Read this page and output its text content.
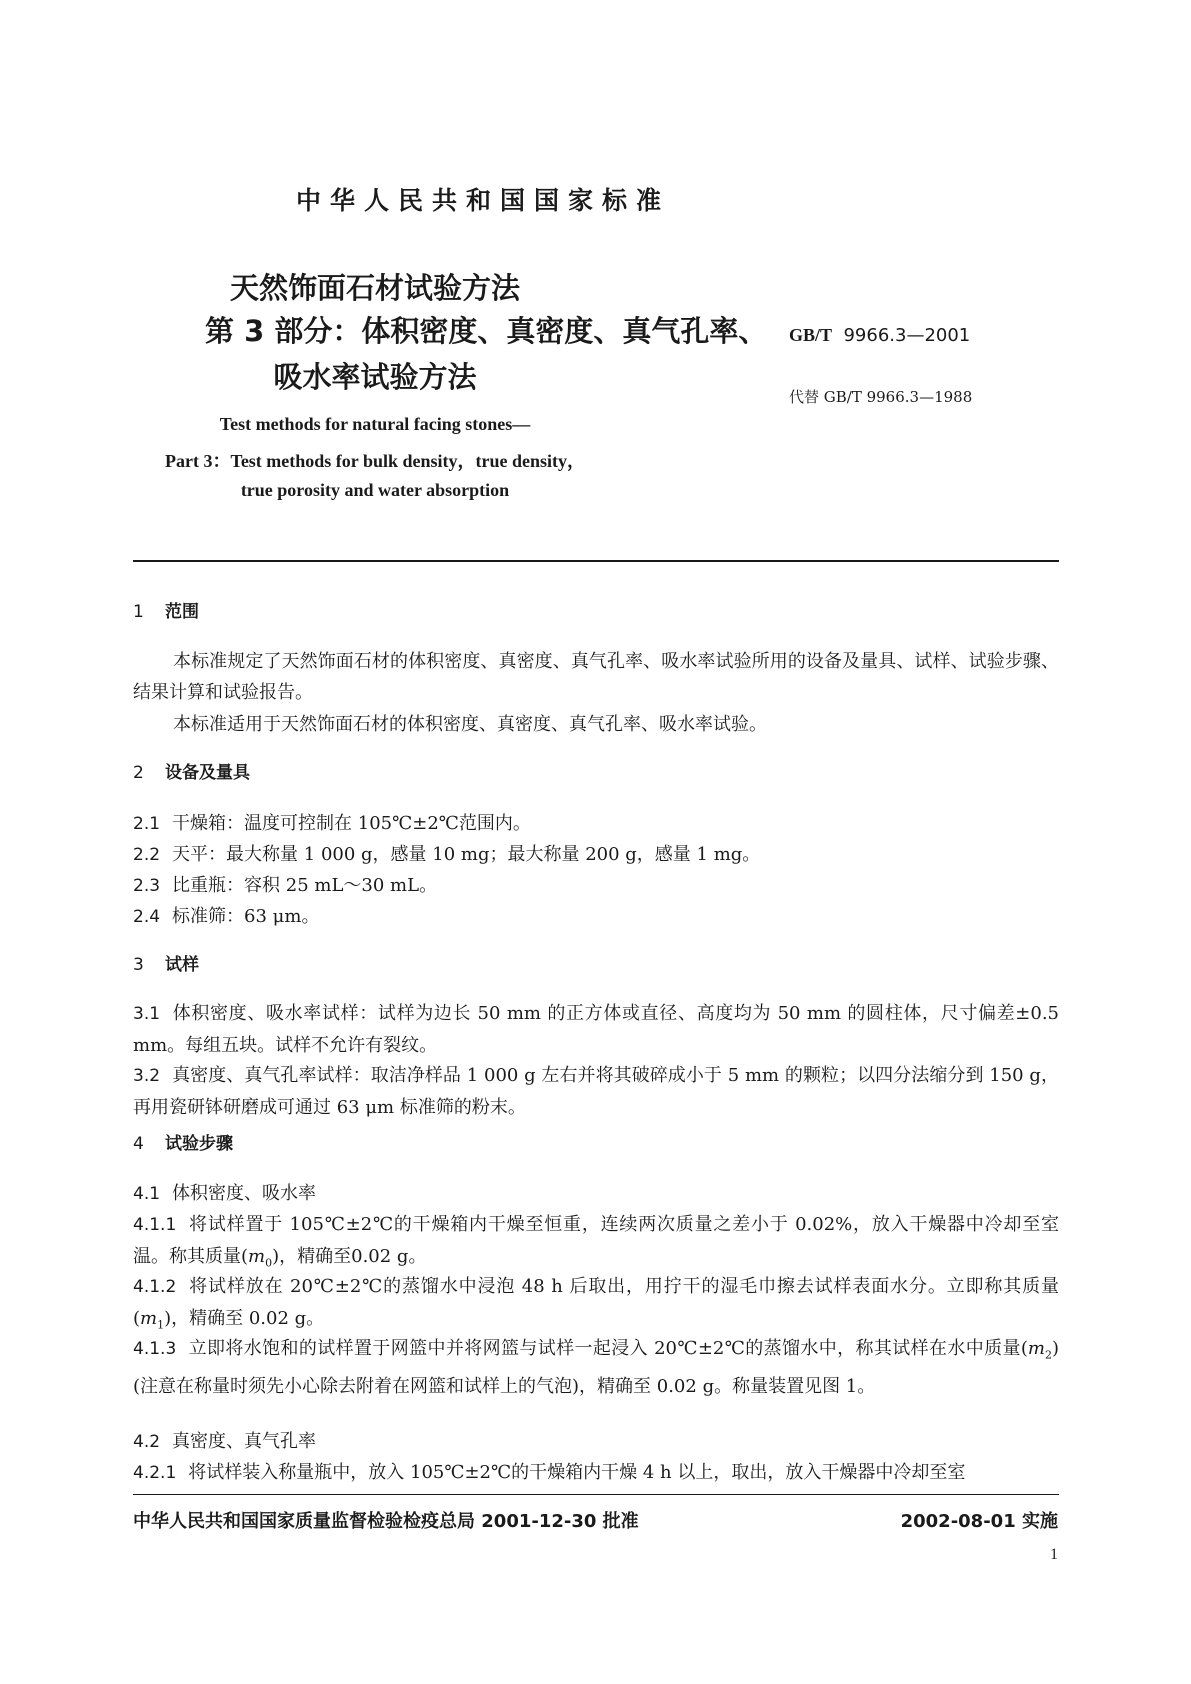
中华人民共和国国家标准
天然饰面石材试验方法
第 3 部分：体积密度、真密度、真气孔率、
吸水率试验方法
GB/T 9966.3—2001
代替 GB/T 9966.3—1988
Test methods for natural facing stones—
Part 3：Test methods for bulk density，true density，
true porosity and water absorption
1 范围
本标准规定了天然饰面石材的体积密度、真密度、真气孔率、吸水率试验所用的设备及量具、试样、试验步骤、结果计算和试验报告。
本标准适用于天然饰面石材的体积密度、真密度、真气孔率、吸水率试验。
2 设备及量具
2.1 干燥箱：温度可控制在 105℃±2℃范围内。
2.2 天平：最大称量 1 000 g，感量 10 mg；最大称量 200 g，感量 1 mg。
2.3 比重瓶：容积 25 mL～30 mL。
2.4 标准筛：63 μm。
3 试样
3.1 体积密度、吸水率试样：试样为边长 50 mm 的正方体或直径、高度均为 50 mm 的圆柱体，尺寸偏差±0.5 mm。每组五块。试样不允许有裂纹。
3.2 真密度、真气孔率试样：取洁净样品 1 000 g 左右并将其破碎成小于 5 mm 的颗粒；以四分法缩分到 150 g，再用瓷研钵研磨成可通过 63 μm 标准筛的粉末。
4 试验步骤
4.1 体积密度、吸水率
4.1.1 将试样置于 105℃±2℃的干燥箱内干燥至恒重，连续两次质量之差小于 0.02%，放入干燥器中冷却至室温。称其质量$(m_0)$，精确至0.02 g。
4.1.2 将试样放在 20℃±2℃的蒸馏水中浸泡 48 h 后取出，用拧干的湿毛巾擦去试样表面水分。立即称其质量$(m_1)$，精确至 0.02 g。
4.1.3 立即将水饱和的试样置于网篮中并将网篮与试样一起浸入 20℃±2℃的蒸馏水中，称其试样在水中质量$(m_2)$(注意在称量时须先小心除去附着在网篮和试样上的气泡)，精确至 0.02 g。称量装置见图 1。
4.2 真密度、真气孔率
4.2.1 将试样装入称量瓶中，放入 105℃±2℃的干燥箱内干燥 4 h 以上，取出，放入干燥器中冷却至室
中华人民共和国国家质量监督检验检疫总局 2001-12-30 批准	2002-08-01 实施
1
